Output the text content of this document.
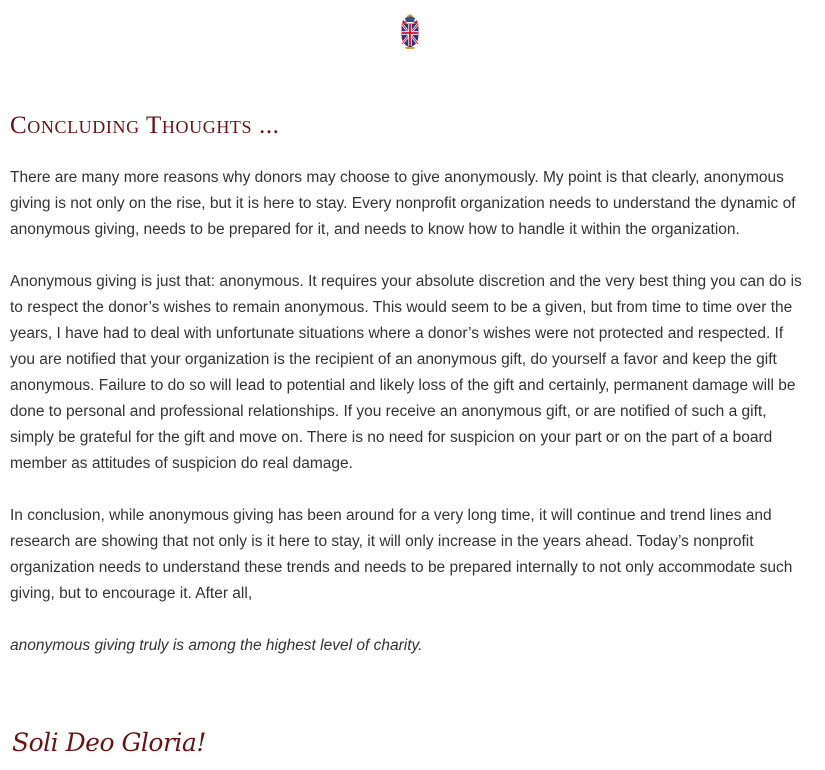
Concluding Thoughts ...

There are many more reasons why donors may choose to give anonymously. My point is that clearly, anonymous giving is not only on the rise, but it is here to stay. Every nonprofit organization needs to understand the dynamic of anonymous giving, needs to be prepared for it, and needs to know how to handle it within the organization.

Anonymous giving is just that: anonymous. It requires your absolute discretion and the very best thing you can do is to respect the donor’s wishes to remain anonymous. This would seem to be a given, but from time to time over the years, I have had to deal with unfortunate situations where a donor’s wishes were not protected and respected. If you are notified that your organization is the recipient of an anonymous gift, do yourself a favor and keep the gift anonymous. Failure to do so will lead to potential and likely loss of the gift and certainly, permanent damage will be done to personal and professional relationships. If you receive an anonymous gift, or are notified of such a gift, simply be grateful for the gift and move on. There is no need for suspicion on your part or on the part of a board member as attitudes of suspicion do real damage.

In conclusion, while anonymous giving has been around for a very long time, it will continue and trend lines and research are showing that not only is it here to stay, it will only increase in the years ahead. Today’s nonprofit organization needs to understand these trends and needs to be prepared internally to not only accommodate such giving, but to encourage it. After all,

anonymous giving truly is among the highest level of charity.

Soli Deo Gloria!
